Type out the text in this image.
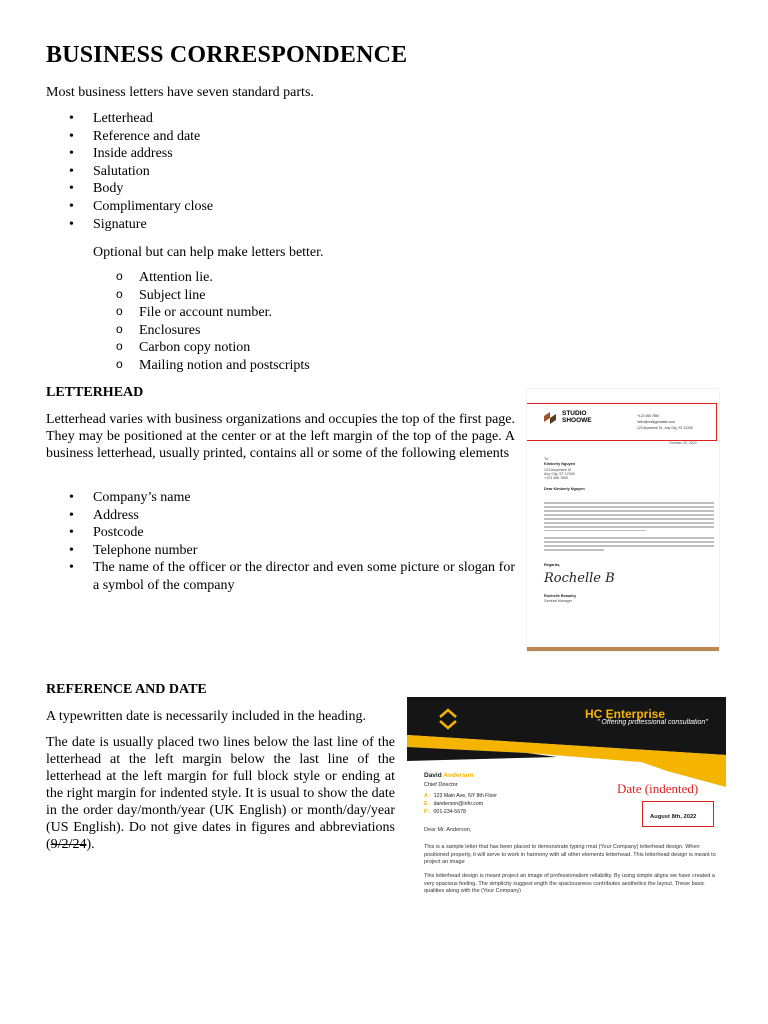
BUSINESS CORRESPONDENCE

Most business letters have seven standard parts.

• Letterhead
• Reference and date
• Inside address
• Salutation
• Body
• Complimentary close
• Signature

Optional but can help make letters better.

o Attention lie.
o Subject line
o File or account number.
o Enclosures
o Carbon copy notion
o Mailing notion and postscripts
LETTERHEAD

Letterhead varies with business organizations and occupies the top of the first page. They may be positioned at the center or at the left margin of the top of the page. A business letterhead, usually printed, contains all or some of the following elements

• Company’s name
• Address
• Postcode
• Telephone number
• The name of the officer or the director and even some picture or slogan for a symbol of the company
STUDIO
SHOOWE
+123 456 7890
hello@reallygreatsite.com
123 Anywhere St., Any City, ST 12345
October 25, 2022
To:
Kimberly Nguyen
123 Anywhere St.
Any City, ST 12345
+123 456 7890
Dear Kimberly Nguyen
Regards,
Rochelle B
Rochelle Beaudry
General Manager
REFERENCE AND DATE

A typewritten date is necessarily included in the heading.

The date is usually placed two lines below the last line of the letterhead at the left margin below the last line of the letterhead at the left margin for full block style or ending at the right margin for indented style. It is usual to show the date in the order day/month/year (UK English) or month/day/year (US English). Do not give dates in figures and abbreviations (9/2/24).

HC Enterprise
" Offering professional consultation"
David Anderson
Chief Director
A : 123 Main Ave, NY 8th Floor
E : danderson@info.com
P : 001-234-5678
Date (indented)
August 8th, 2022
Dear Mr. Anderson,
This is a sample letter that has been placed to demonstrate typing rmat (Your Company) letterhead design. When positioned properly, it will serve to work in harmony with all other elements letterhead. This letterhead design is meant to project an image
This letterhead design is meant project an image of professionalism reliability. By using simple aligns we have created a very spacious feeling. The simplicity suggest ength the spaciousness contributes aesthetics the layout. These basic qualities along with the (Your Company)
